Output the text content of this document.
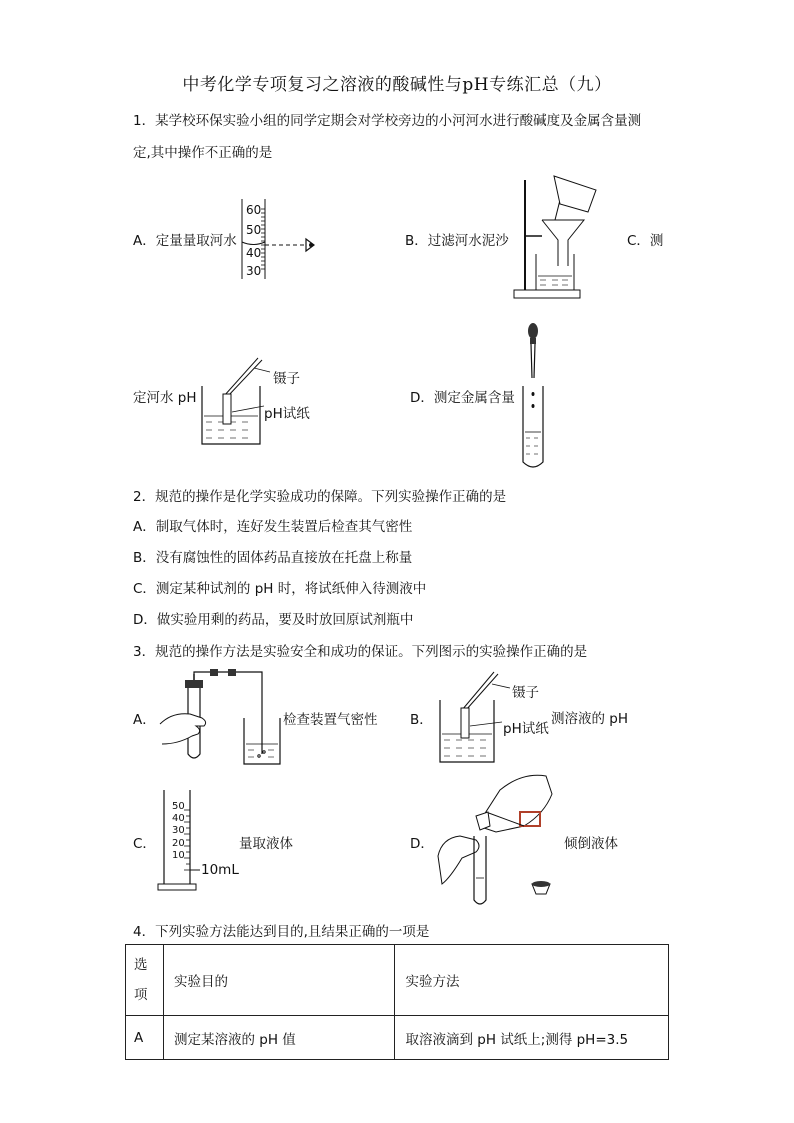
中考化学专项复习之溶液的酸碱性与pH专练汇总（九）
1．某学校环保实验小组的同学定期会对学校旁边的小河河水进行酸碱度及金属含量测
定,其中操作不正确的是
A．定量量取河水
60
50
40
30
B．过滤河水泥沙	C．测
定河水 pH
镊子
pH试纸
D．测定金属含量
2．规范的操作是化学实验成功的保障。下列实验操作正确的是
A．制取气体时，连好发生装置后检查其气密性
B．没有腐蚀性的固体药品直接放在托盘上称量
C．测定某种试剂的 pH 时，将试纸伸入待测液中
D．做实验用剩的药品，要及时放回原试剂瓶中
3．规范的操作方法是实验安全和成功的保证。下列图示的实验操作正确的是
A．	检查装置气密性 B．
镊子
pH试纸
测溶液的 pH
C．
50
40
30
20
10
10mL
量取液体	D．	倾倒液体
4．下列实验方法能达到目的,且结果正确的一项是
选
项	实验目的	实验方法
A	测定某溶液的 pH 值	取溶液滴到 pH 试纸上;测得 pH=3.5
